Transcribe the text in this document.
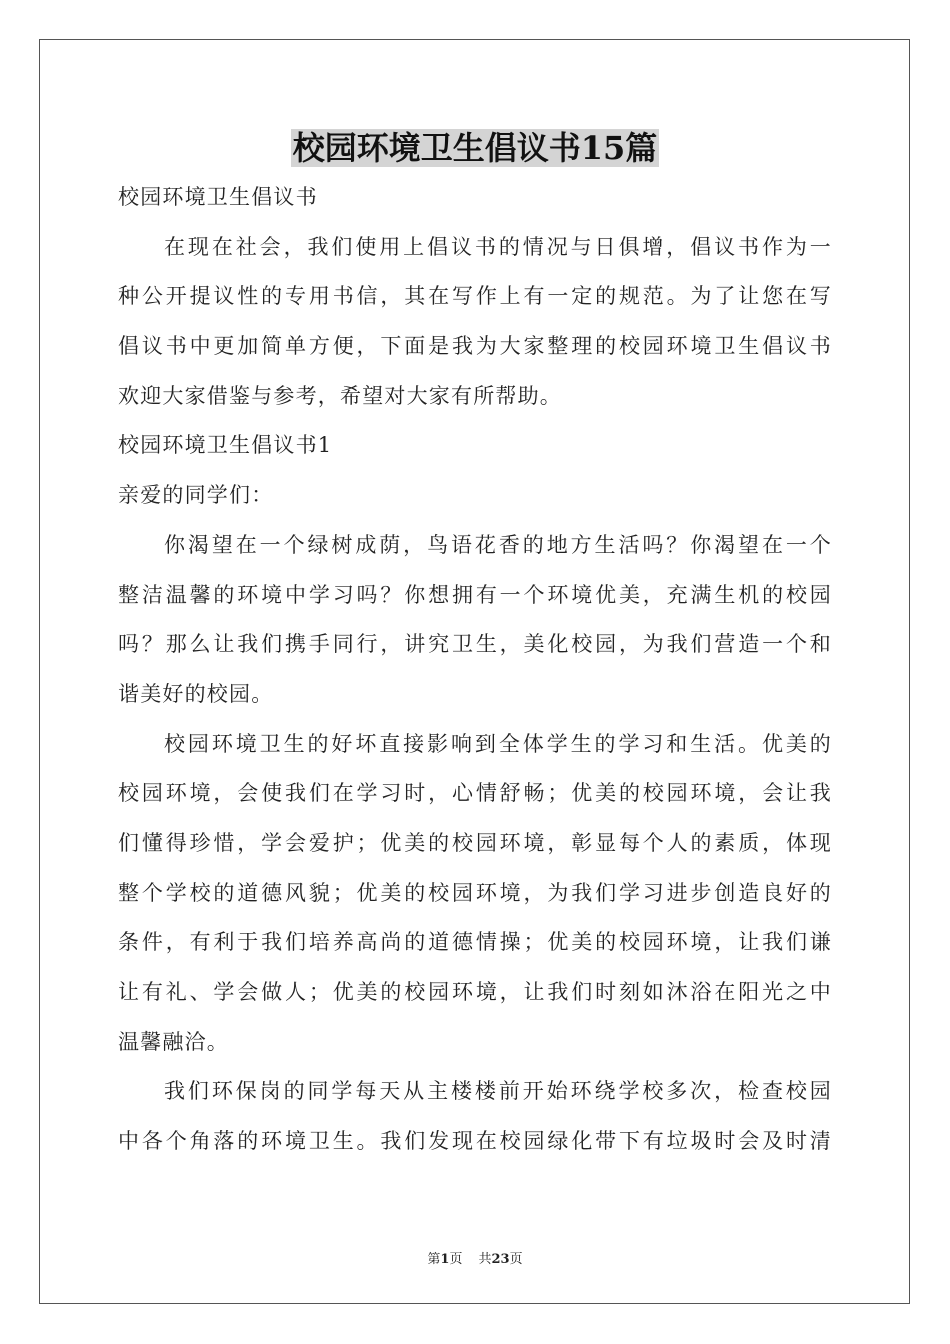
校园环境卫生倡议书15篇
校园环境卫生倡议书
在现在社会，我们使用上倡议书的情况与日俱增，倡议书作为一
种公开提议性的专用书信，其在写作上有一定的规范。为了让您在写
倡议书中更加简单方便，下面是我为大家整理的校园环境卫生倡议书
欢迎大家借鉴与参考，希望对大家有所帮助。
校园环境卫生倡议书1
亲爱的同学们：
你渴望在一个绿树成荫，鸟语花香的地方生活吗？你渴望在一个
整洁温馨的环境中学习吗？你想拥有一个环境优美，充满生机的校园
吗？那么让我们携手同行，讲究卫生，美化校园，为我们营造一个和
谐美好的校园。
校园环境卫生的好坏直接影响到全体学生的学习和生活。优美的
校园环境，会使我们在学习时，心情舒畅；优美的校园环境，会让我
们懂得珍惜，学会爱护；优美的校园环境，彰显每个人的素质，体现
整个学校的道德风貌；优美的校园环境，为我们学习进步创造良好的
条件，有利于我们培养高尚的道德情操；优美的校园环境，让我们谦
让有礼、学会做人；优美的校园环境，让我们时刻如沐浴在阳光之中
温馨融洽。
我们环保岗的同学每天从主楼楼前开始环绕学校多次，检查校园
中各个角落的环境卫生。我们发现在校园绿化带下有垃圾时会及时清
第1页 共23页
